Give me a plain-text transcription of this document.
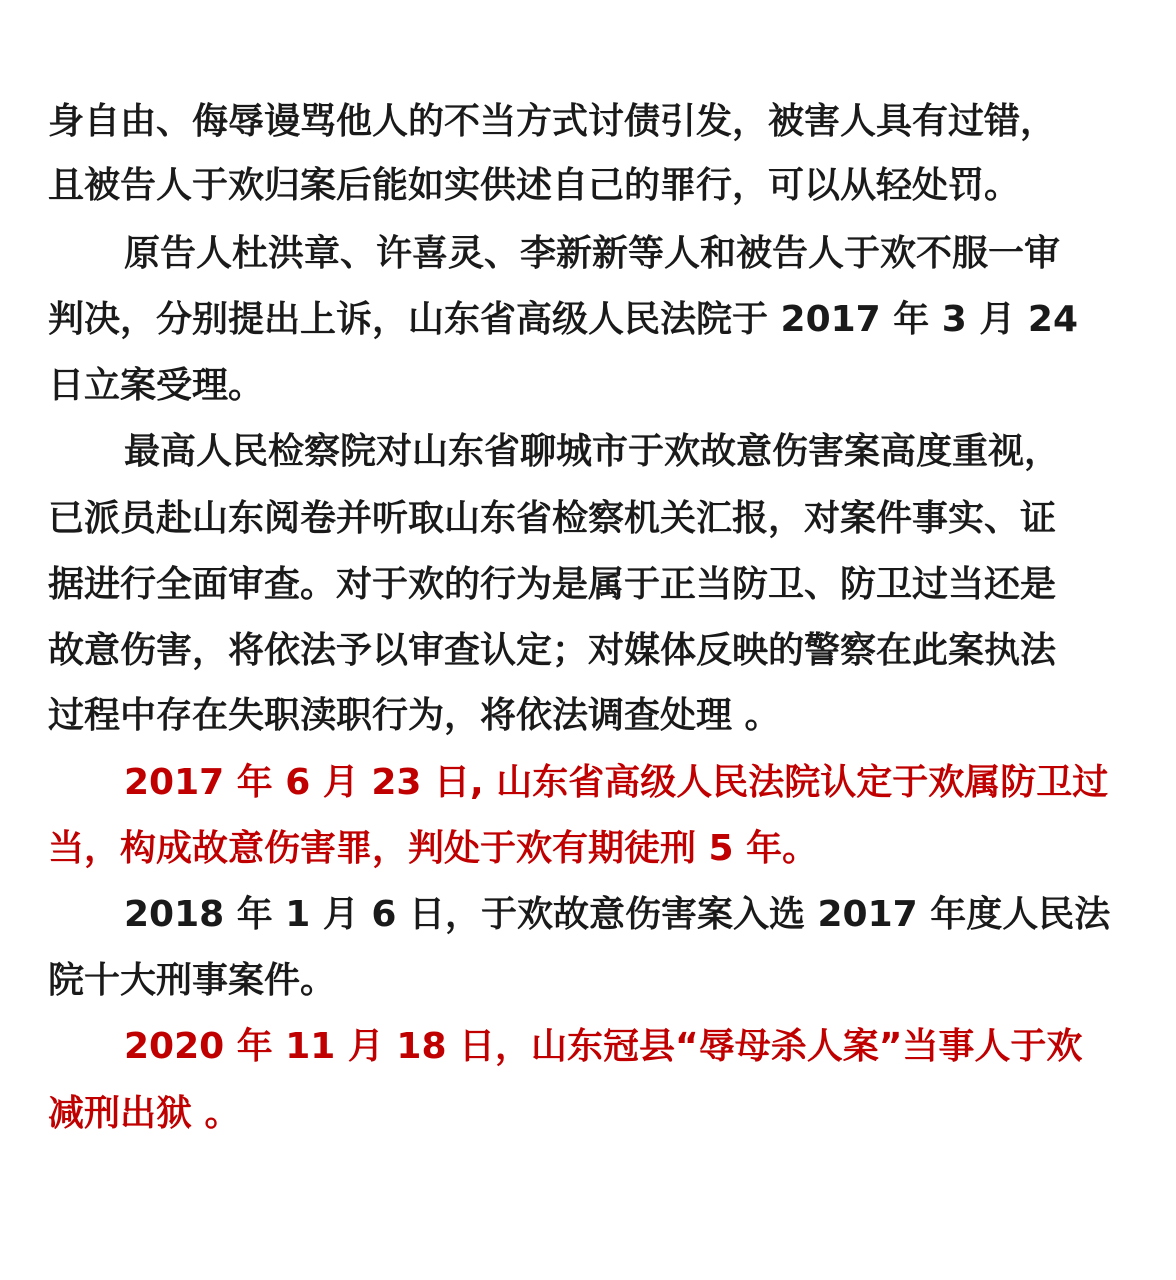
身自由、侮辱谩骂他人的不当方式讨债引发，被害人具有过错，
且被告人于欢归案后能如实供述自己的罪行，可以从轻处罚。
原告人杜洪章、许喜灵、李新新等人和被告人于欢不服一审
判决，分别提出上诉，山东省高级人民法院于 2017 年 3 月 24
日立案受理。
最高人民检察院对山东省聊城市于欢故意伤害案高度重视，
已派员赴山东阅卷并听取山东省检察机关汇报，对案件事实、证
据进行全面审查。对于欢的行为是属于正当防卫、防卫过当还是
故意伤害，将依法予以审查认定；对媒体反映的警察在此案执法
过程中存在失职渎职行为，将依法调查处理 。
2017 年 6 月 23 日, 山东省高级人民法院认定于欢属防卫过
当，构成故意伤害罪，判处于欢有期徒刑 5 年。
2018 年 1 月 6 日，于欢故意伤害案入选 2017 年度人民法
院十大刑事案件。
2020 年 11 月 18 日，山东冠县“辱母杀人案”当事人于欢
减刑出狱 。
